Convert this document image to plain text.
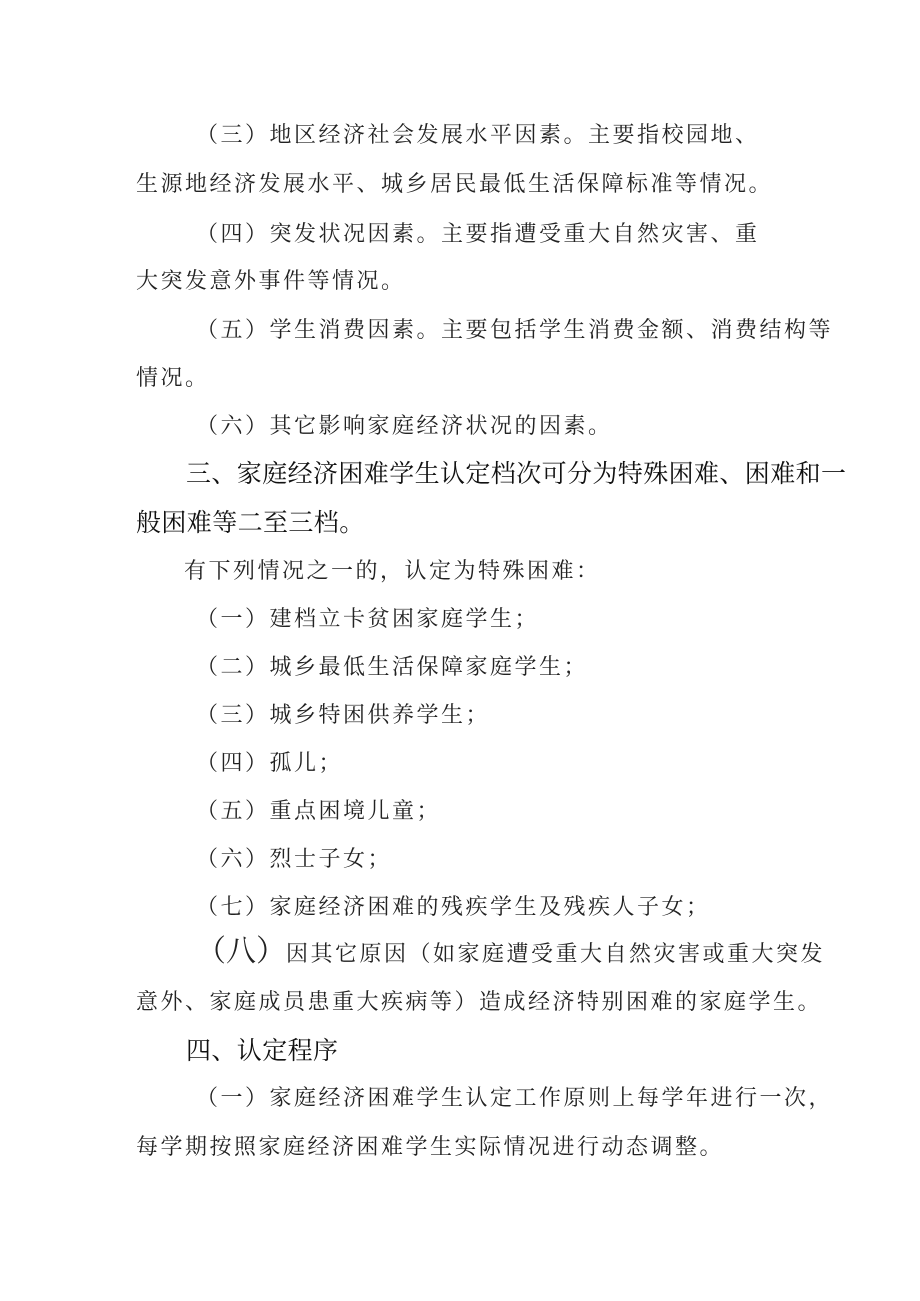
（三）地区经济社会发展水平因素。主要指校园地、
生源地经济发展水平、城乡居民最低生活保障标准等情况。
（四）突发状况因素。主要指遭受重大自然灾害、重
大突发意外事件等情况。
（五）学生消费因素。主要包括学生消费金额、消费结构等
情况。
（六）其它影响家庭经济状况的因素。
三、家庭经济困难学生认定档次可分为特殊困难、困难和一
般困难等二至三档。
有下列情况之一的，认定为特殊困难：
（一）建档立卡贫困家庭学生；
（二）城乡最低生活保障家庭学生；
（三）城乡特困供养学生；
（四）孤儿；
（五）重点困境儿童；
（六）烈士子女；
（七）家庭经济困难的残疾学生及残疾人子女；
（八）因其它原因（如家庭遭受重大自然灾害或重大突发
意外、家庭成员患重大疾病等）造成经济特别困难的家庭学生。
四、认定程序
（一）家庭经济困难学生认定工作原则上每学年进行一次，
每学期按照家庭经济困难学生实际情况进行动态调整。
